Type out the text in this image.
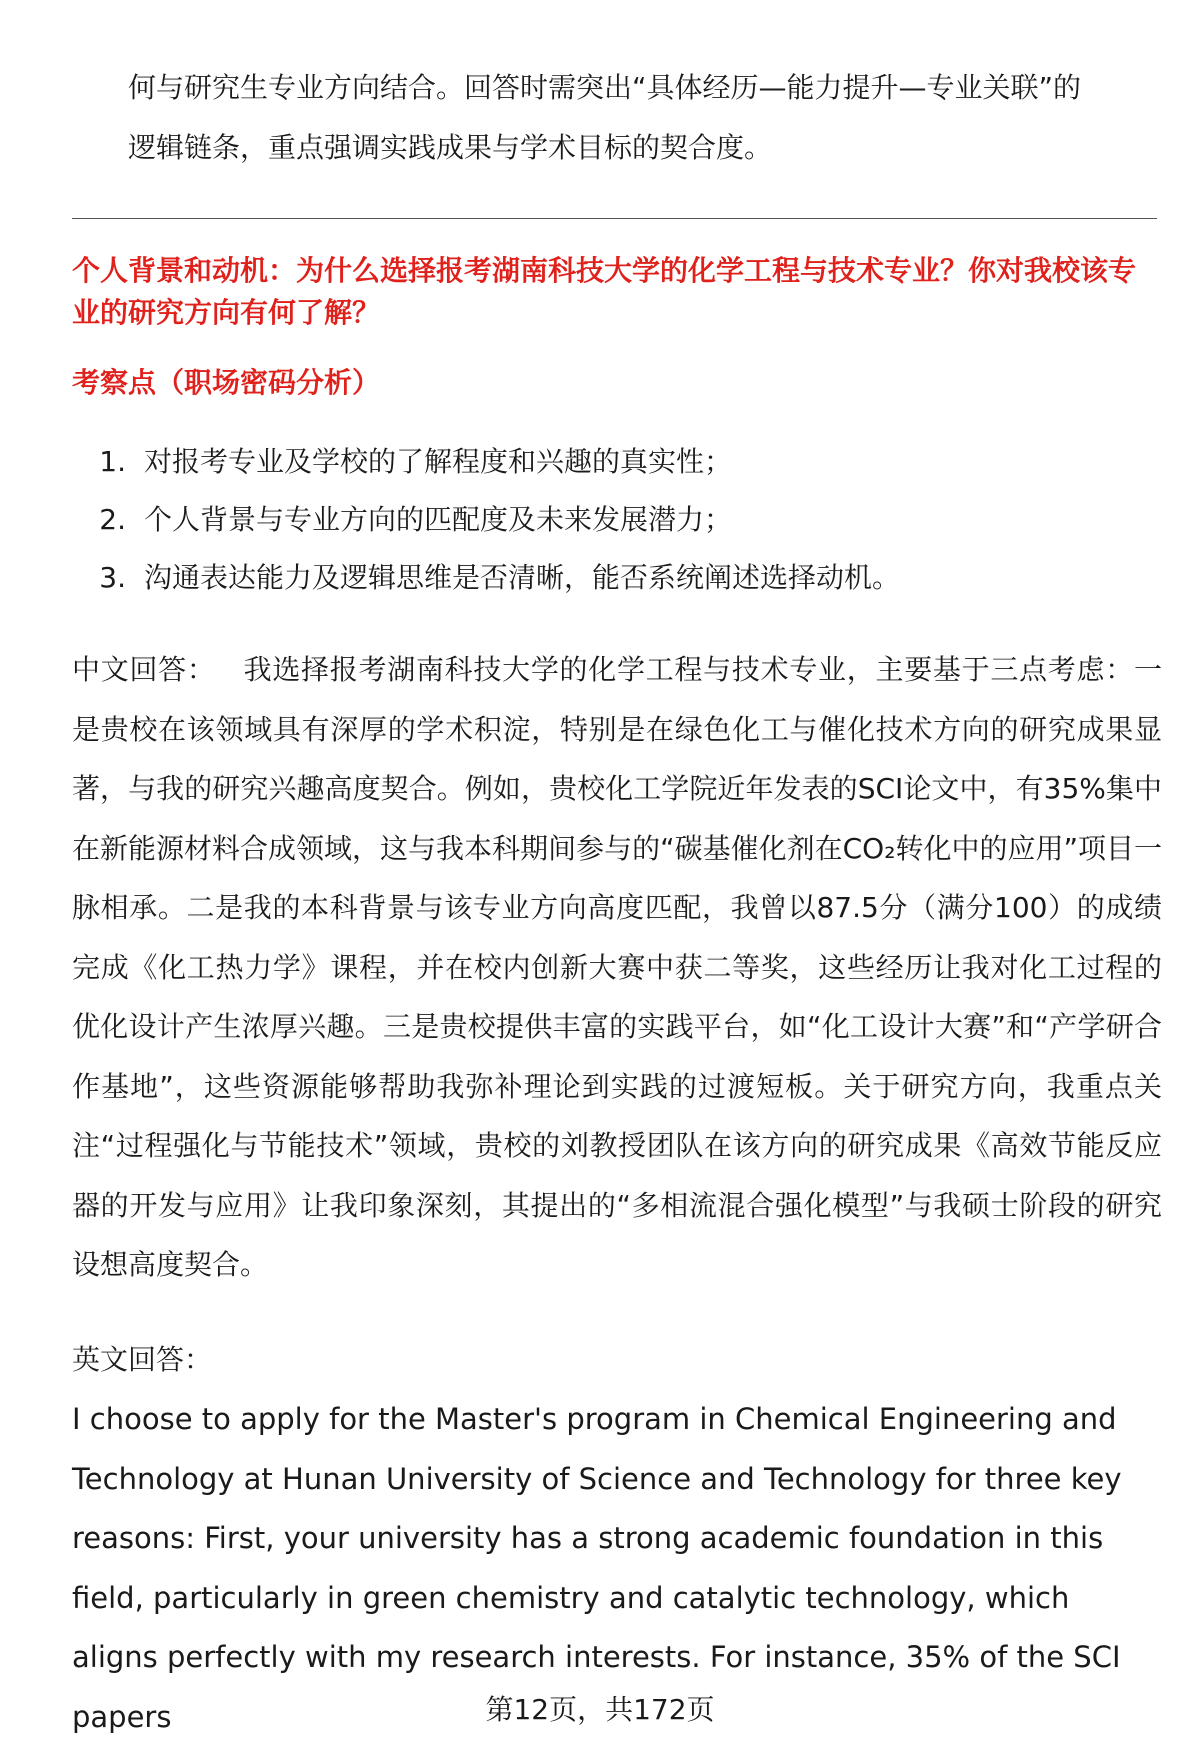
何与研究生专业方向结合。回答时需突出“具体经历—能力提升—专业关联”的逻辑链条，重点强调实践成果与学术目标的契合度。

个人背景和动机：为什么选择报考湖南科技大学的化学工程与技术专业？你对我校该专业的研究方向有何了解？
考察点（职场密码分析）
1. 对报考专业及学校的了解程度和兴趣的真实性；
2. 个人背景与专业方向的匹配度及未来发展潜力；
3. 沟通表达能力及逻辑思维是否清晰，能否系统阐述选择动机。

中文回答： 我选择报考湖南科技大学的化学工程与技术专业，主要基于三点考虑：一是贵校在该领域具有深厚的学术积淀，特别是在绿色化工与催化技术方向的研究成果显著，与我的研究兴趣高度契合。例如，贵校化工学院近年发表的SCI论文中，有35%集中在新能源材料合成领域，这与我本科期间参与的“碳基催化剂在CO₂转化中的应用”项目一脉相承。二是我的本科背景与该专业方向高度匹配，我曾以87.5分（满分100）的成绩完成《化工热力学》课程，并在校内创新大赛中获二等奖，这些经历让我对化工过程的优化设计产生浓厚兴趣。三是贵校提供丰富的实践平台，如“化工设计大赛”和“产学研合作基地”，这些资源能够帮助我弥补理论到实践的过渡短板。关于研究方向，我重点关注“过程强化与节能技术”领域，贵校的刘教授团队在该方向的研究成果《高效节能反应器的开发与应用》让我印象深刻，其提出的“多相流混合强化模型”与我硕士阶段的研究设想高度契合。

英文回答：

I choose to apply for the Master's program in Chemical Engineering and Technology at Hunan University of Science and Technology for three key reasons: First, your university has a strong academic foundation in this field, particularly in green chemistry and catalytic technology, which aligns perfectly with my research interests. For instance, 35% of the SCI papers	第12页，共172页
